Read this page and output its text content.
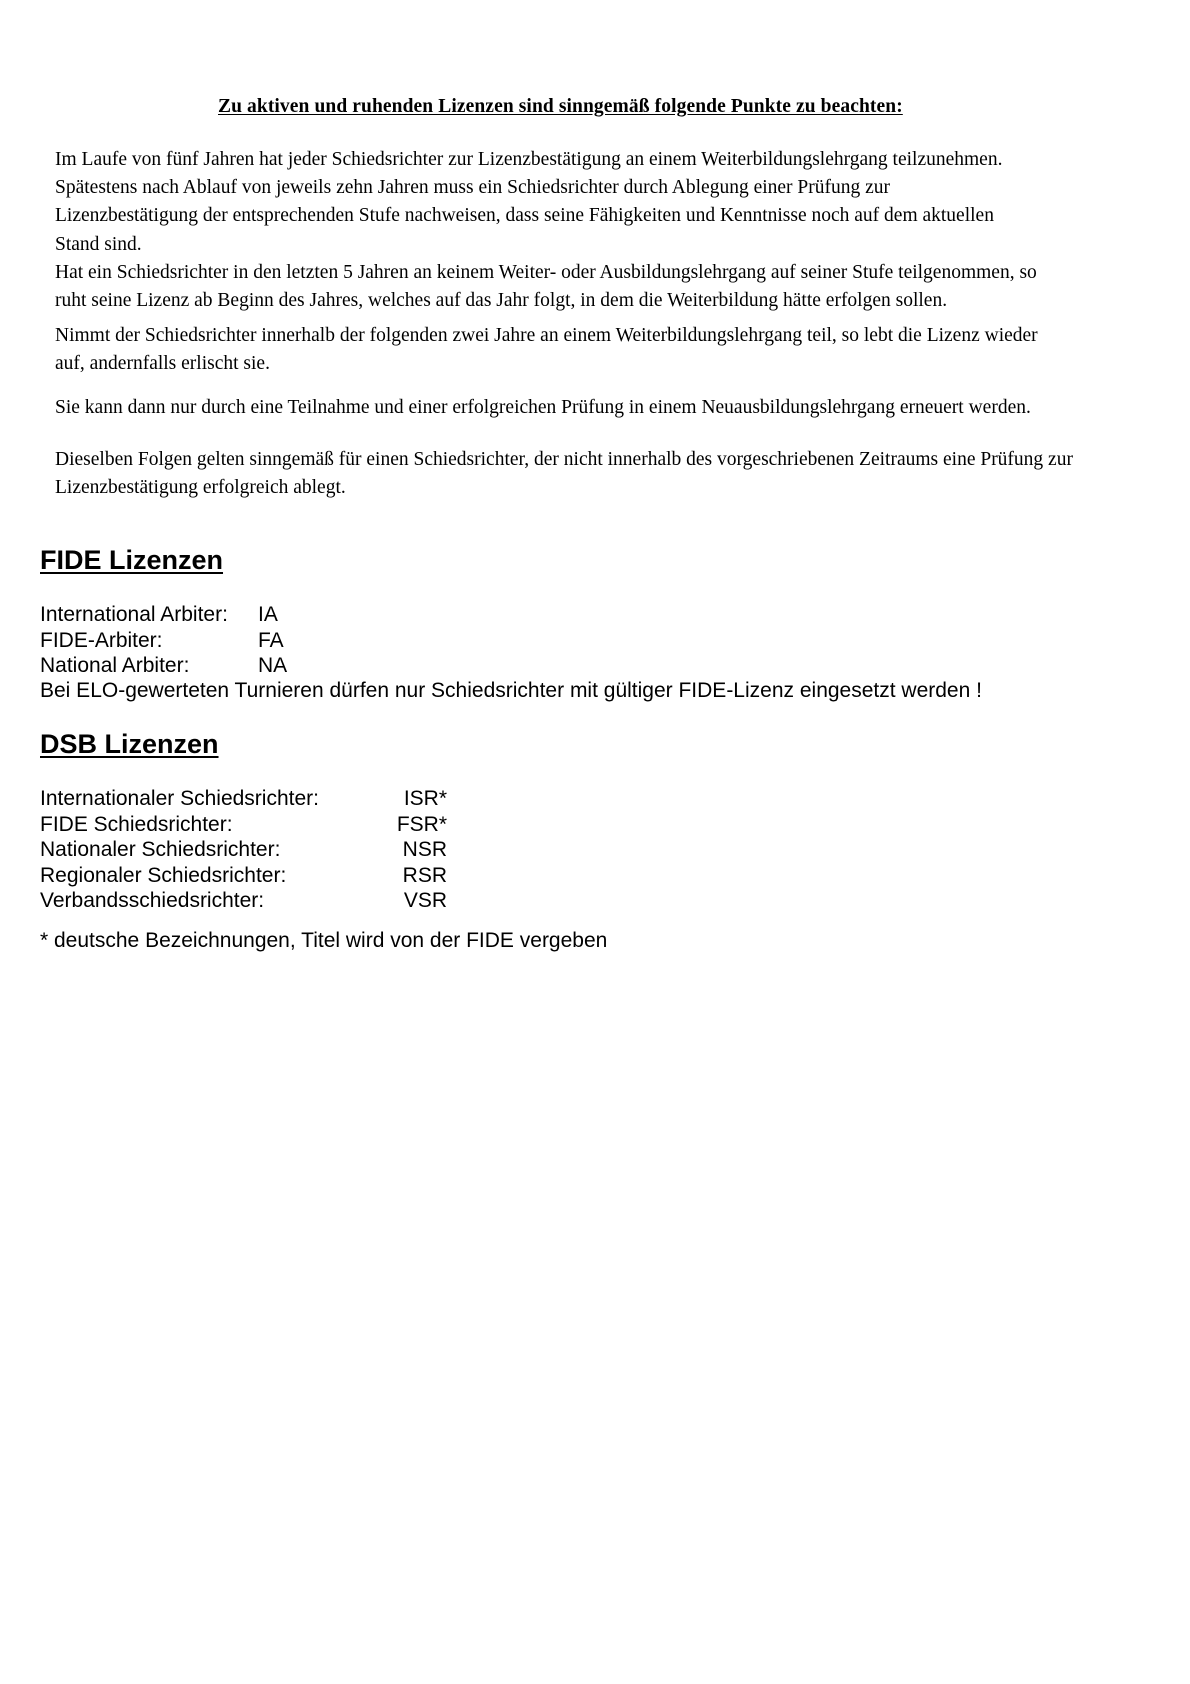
Zu aktiven und ruhenden Lizenzen sind sinngemäß folgende Punkte zu beachten:

Im Laufe von fünf Jahren hat jeder Schiedsrichter zur Lizenzbestätigung an einem Weiterbildungslehrgang teilzunehmen.

Spätestens nach Ablauf von jeweils zehn Jahren muss ein Schiedsrichter durch Ablegung einer Prüfung zur

Lizenzbestätigung der entsprechenden Stufe nachweisen, dass seine Fähigkeiten und Kenntnisse noch auf dem aktuellen

Stand sind.

Hat ein Schiedsrichter in den letzten 5 Jahren an keinem Weiter- oder Ausbildungslehrgang auf seiner Stufe teilgenommen, so

ruht seine Lizenz ab Beginn des Jahres, welches auf das Jahr folgt, in dem die Weiterbildung hätte erfolgen sollen.

Nimmt der Schiedsrichter innerhalb der folgenden zwei Jahre an einem Weiterbildungslehrgang teil, so lebt die Lizenz wieder

auf, andernfalls erlischt sie.

Sie kann dann nur durch eine Teilnahme und einer erfolgreichen Prüfung in einem Neuausbildungslehrgang erneuert werden.

Dieselben Folgen gelten sinngemäß für einen Schiedsrichter, der nicht innerhalb des vorgeschriebenen Zeitraums eine Prüfung zur

Lizenzbestätigung erfolgreich ablegt.

FIDE Lizenzen
International Arbiter: IA
FIDE-Arbiter:	FA
National Arbiter:	NA
Bei ELO-gewerteten Turnieren dürfen nur Schiedsrichter mit gültiger FIDE-Lizenz eingesetzt werden !
DSB Lizenzen
Internationaler Schiedsrichter:	ISR*
FIDE Schiedsrichter:	FSR*
Nationaler Schiedsrichter:	NSR
Regionaler Schiedsrichter:	RSR
Verbandsschiedsrichter:	VSR
* deutsche Bezeichnungen, Titel wird von der FIDE vergeben
